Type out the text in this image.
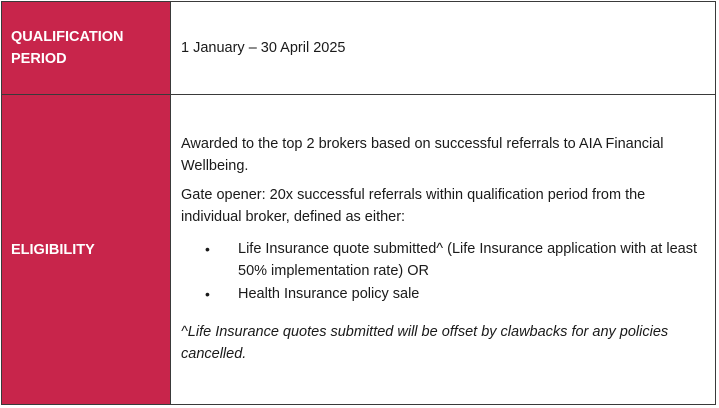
QUALIFICATION
PERIOD
1 January – 30 April 2025
ELIGIBILITY

Awarded to the top 2 brokers based on successful referrals to AIA Financial Wellbeing.

Gate opener: 20x successful referrals within qualification period from the individual broker, defined as either:

• Life Insurance quote submitted^ (Life Insurance application with at least 50% implementation rate) OR
• Health Insurance policy sale

^Life Insurance quotes submitted will be offset by clawbacks for any policies cancelled.
